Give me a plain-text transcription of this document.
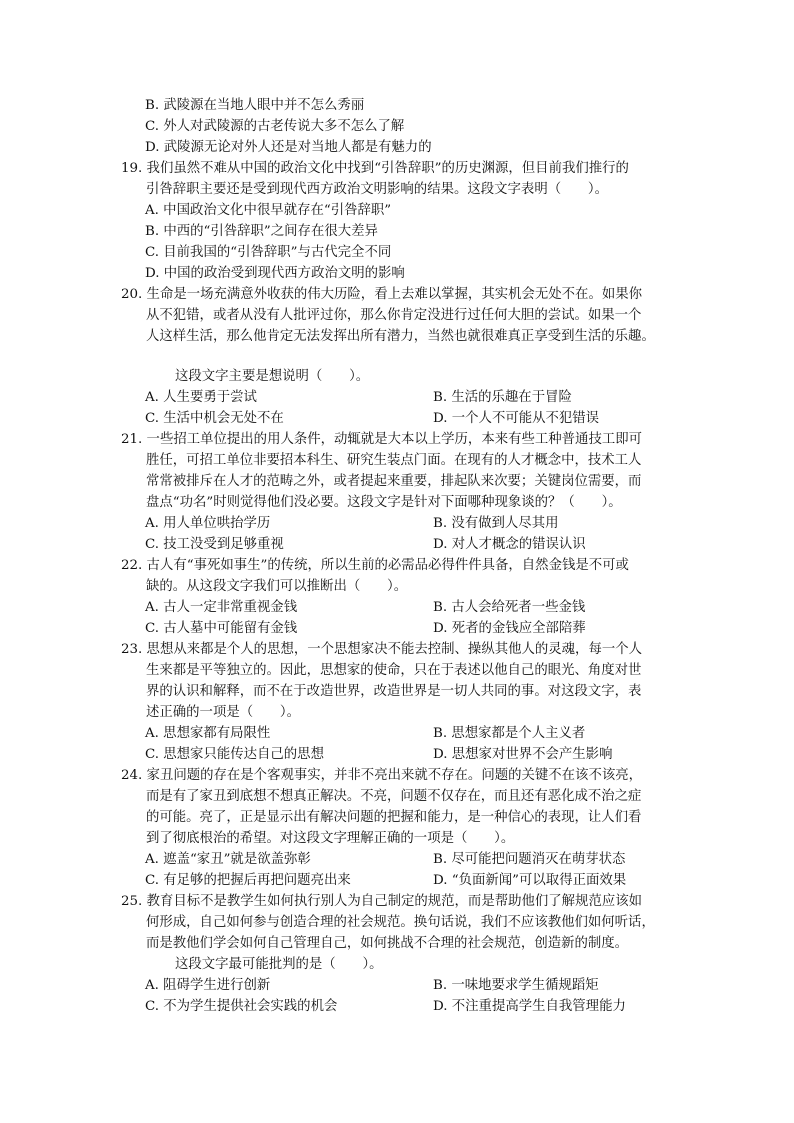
B. 武陵源在当地人眼中并不怎么秀丽
C. 外人对武陵源的古老传说大多不怎么了解
D. 武陵源无论对外人还是对当地人都是有魅力的
19. 我们虽然不难从中国的政治文化中找到“引咎辞职”的历史渊源，但目前我们推行的
引咎辞职主要还是受到现代西方政治文明影响的结果。这段文字表明（　　）。
A. 中国政治文化中很早就存在“引咎辞职”
B. 中西的“引咎辞职”之间存在很大差异
C. 目前我国的“引咎辞职”与古代完全不同
D. 中国的政治受到现代西方政治文明的影响
20. 生命是一场充满意外收获的伟大历险，看上去难以掌握，其实机会无处不在。如果你
从不犯错，或者从没有人批评过你，那么你肯定没进行过任何大胆的尝试。如果一个
人这样生活，那么他肯定无法发挥出所有潜力，当然也就很难真正享受到生活的乐趣。
这段文字主要是想说明（　　）。
A. 人生要勇于尝试	B. 生活的乐趣在于冒险
C. 生活中机会无处不在	D. 一个人不可能从不犯错误
21. 一些招工单位提出的用人条件，动辄就是大本以上学历，本来有些工种普通技工即可
胜任，可招工单位非要招本科生、研究生装点门面。在现有的人才概念中，技术工人
常常被排斥在人才的范畴之外，或者提起来重要，排起队来次要；关键岗位需要，而
盘点“功名”时则觉得他们没必要。这段文字是针对下面哪种现象谈的？（　　）。
A. 用人单位哄抬学历	B. 没有做到人尽其用
C. 技工没受到足够重视	D. 对人才概念的错误认识
22. 古人有“事死如事生”的传统，所以生前的必需品必得件件具备，自然金钱是不可或
缺的。从这段文字我们可以推断出（　　）。
A. 古人一定非常重视金钱	B. 古人会给死者一些金钱
C. 古人墓中可能留有金钱	D. 死者的金钱应全部陪葬
23. 思想从来都是个人的思想，一个思想家决不能去控制、操纵其他人的灵魂，每一个人
生来都是平等独立的。因此，思想家的使命，只在于表述以他自己的眼光、角度对世
界的认识和解释，而不在于改造世界，改造世界是一切人共同的事。对这段文字，表
述正确的一项是（　　）。
A. 思想家都有局限性	B. 思想家都是个人主义者
C. 思想家只能传达自己的思想	D. 思想家对世界不会产生影响
24. 家丑问题的存在是个客观事实，并非不亮出来就不存在。问题的关键不在该不该亮，
而是有了家丑到底想不想真正解决。不亮，问题不仅存在，而且还有恶化成不治之症
的可能。亮了，正是显示出有解决问题的把握和能力，是一种信心的表现，让人们看
到了彻底根治的希望。对这段文字理解正确的一项是（　　）。
A. 遮盖“家丑”就是欲盖弥彰	B. 尽可能把问题消灭在萌芽状态
C. 有足够的把握后再把问题亮出来	D. “负面新闻”可以取得正面效果
25. 教育目标不是教学生如何执行别人为自己制定的规范，而是帮助他们了解规范应该如
何形成，自己如何参与创造合理的社会规范。换句话说，我们不应该教他们如何听话，
而是教他们学会如何自己管理自己，如何挑战不合理的社会规范，创造新的制度。
这段文字最可能批判的是（　　）。
A. 阻碍学生进行创新	B. 一味地要求学生循规蹈矩
C. 不为学生提供社会实践的机会	D. 不注重提高学生自我管理能力
